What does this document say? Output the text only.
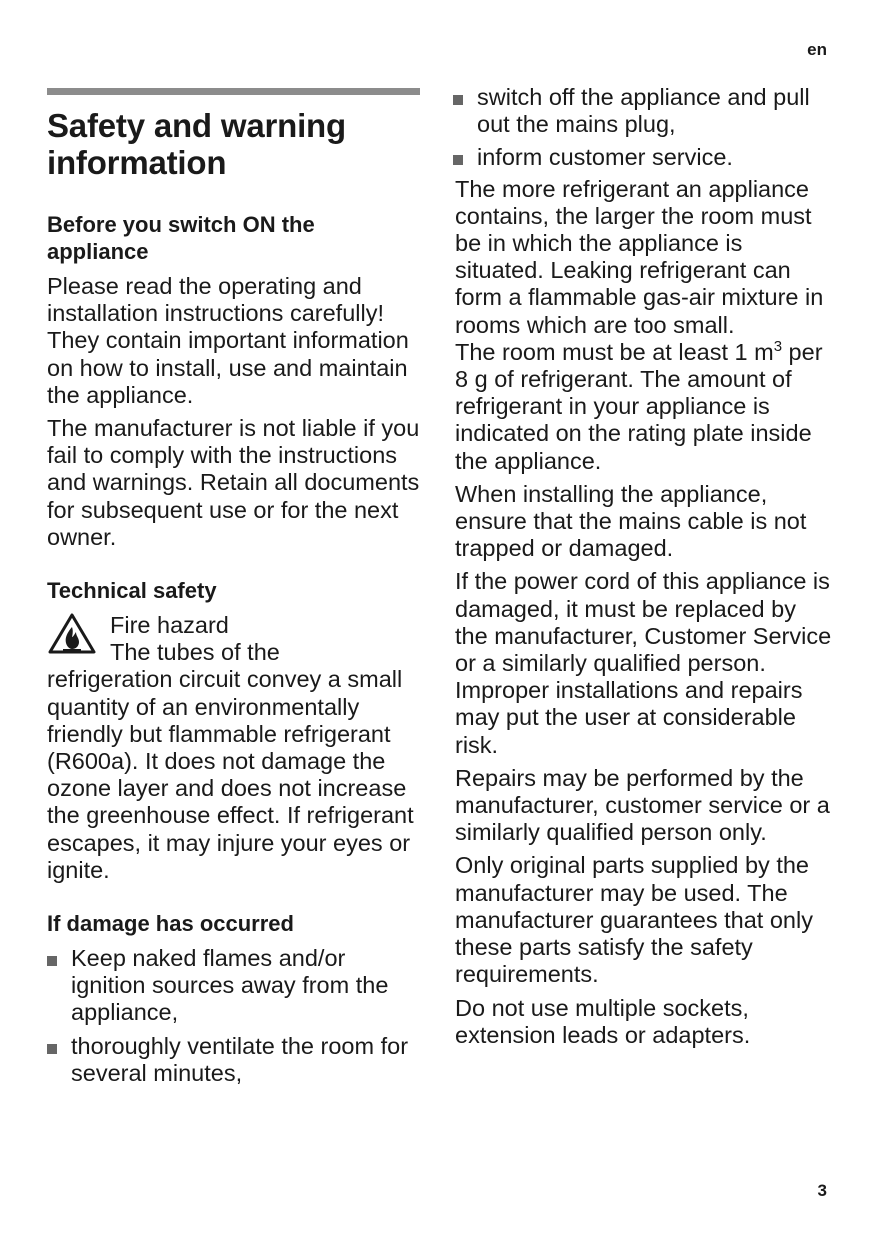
en
Safety and warning information
Before you switch ON the appliance

Please read the operating and installation instructions carefully! They contain important information on how to install, use and maintain the appliance.

The manufacturer is not liable if you fail to comply with the instructions and warnings. Retain all documents for subsequent use or for the next owner.

Technical safety

Fire hazard

The tubes of the

refrigeration circuit convey a small quantity of an environmentally friendly but flammable refrigerant (R600a). It does not damage the ozone layer and does not increase the greenhouse effect. If refrigerant escapes, it may injure your eyes or ignite.

If damage has occurred
Keep naked flames and/or ignition sources away from the appliance,
thoroughly ventilate the room for several minutes,
switch off the appliance and pull out the mains plug,
inform customer service.

The more refrigerant an appliance contains, the larger the room must be in which the appliance is situated. Leaking refrigerant can form a flammable gas-air mixture in rooms which are too small.

The room must be at least 1 $m^3$ per 8 g of refrigerant. The amount of refrigerant in your appliance is indicated on the rating plate inside the appliance.

When installing the appliance, ensure that the mains cable is not trapped or damaged.

If the power cord of this appliance is damaged, it must be replaced by the manufacturer, Customer Service or a similarly qualified person. Improper installations and repairs may put the user at considerable risk.

Repairs may be performed by the manufacturer, customer service or a similarly qualified person only.

Only original parts supplied by the manufacturer may be used. The manufacturer guarantees that only these parts satisfy the safety requirements.

Do not use multiple sockets, extension leads or adapters.

3
